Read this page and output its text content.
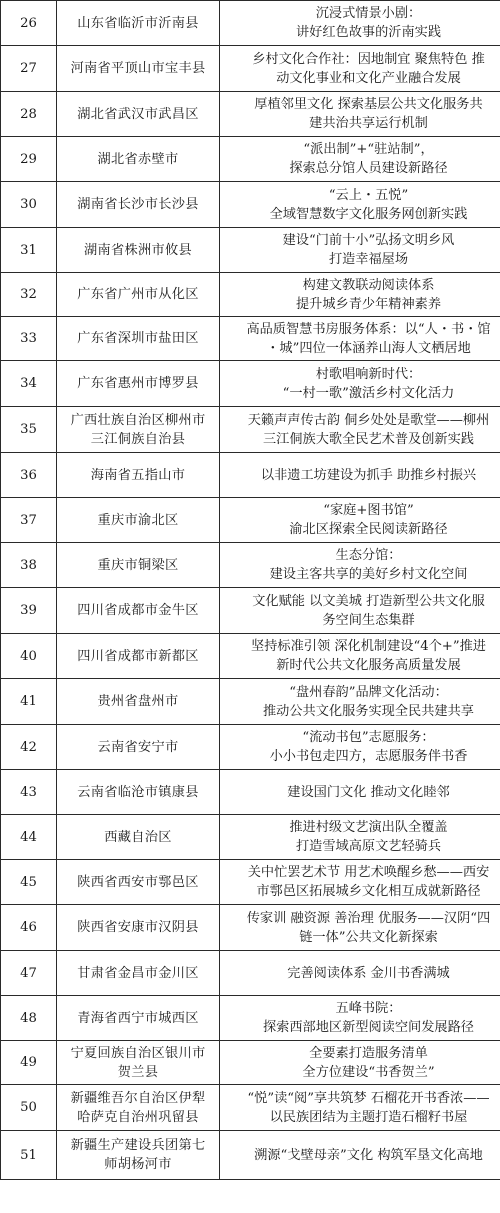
26	山东省临沂市沂南县	沉浸式情景小剧：
讲好红色故事的沂南实践

27	河南省平顶山市宝丰县	乡村文化合作社：因地制宜 聚焦特色 推
动文化事业和文化产业融合发展

28	湖北省武汉市武昌区	厚植邻里文化 探索基层公共文化服务共
建共治共享运行机制

29	湖北省赤壁市	“派出制”+“驻站制”，
探索总分馆人员建设新路径

30	湖南省长沙市长沙县	“云上・五悦”
全域智慧数字文化服务网创新实践

31	湖南省株洲市攸县	建设“门前十小”弘扬文明乡风
打造幸福屋场

32	广东省广州市从化区	构建文教联动阅读体系
提升城乡青少年精神素养

33	广东省深圳市盐田区	高品质智慧书房服务体系：以“人・书・馆
・城”四位一体涵养山海人文栖居地

34	广东省惠州市博罗县	村歌唱响新时代：
“一村一歌”激活乡村文化活力

35	广西壮族自治区柳州市
三江侗族自治县	天籁声声传古韵 侗乡处处是歌堂——柳州
三江侗族大歌全民艺术普及创新实践

36	海南省五指山市	以非遗工坊建设为抓手 助推乡村振兴

37	重庆市渝北区	“家庭+图书馆”
渝北区探索全民阅读新路径

38	重庆市铜梁区	生态分馆：
建设主客共享的美好乡村文化空间

39	四川省成都市金牛区	文化赋能 以文美城 打造新型公共文化服
务空间生态集群

40	四川省成都市新都区	坚持标准引领 深化机制建设“4个+”推进
新时代公共文化服务高质量发展

41	贵州省盘州市	“盘州春韵”品牌文化活动：
推动公共文化服务实现全民共建共享

42	云南省安宁市	“流动书包”志愿服务：
小小书包走四方，志愿服务伴书香

43	云南省临沧市镇康县	建设国门文化 推动文化睦邻

44	西藏自治区	推进村级文艺演出队全覆盖
打造雪域高原文艺轻骑兵

45	陕西省西安市鄠邑区	关中忙罢艺术节 用艺术唤醒乡愁——西安
市鄠邑区拓展城乡文化相互成就新路径

46	陕西省安康市汉阴县	传家训 融资源 善治理 优服务——汉阴“四
链一体”公共文化新探索

47	甘肃省金昌市金川区	完善阅读体系 金川书香满城

48	青海省西宁市城西区	五峰书院：
探索西部地区新型阅读空间发展路径

49	宁夏回族自治区银川市
贺兰县	全要素打造服务清单
全方位建设“书香贺兰”

50	新疆维吾尔自治区伊犁
哈萨克自治州巩留县	“悦”读“阅”享共筑梦 石榴花开书香浓——
以民族团结为主题打造石榴籽书屋

51	新疆生产建设兵团第七
师胡杨河市	溯源“戈壁母亲”文化 构筑军垦文化高地
